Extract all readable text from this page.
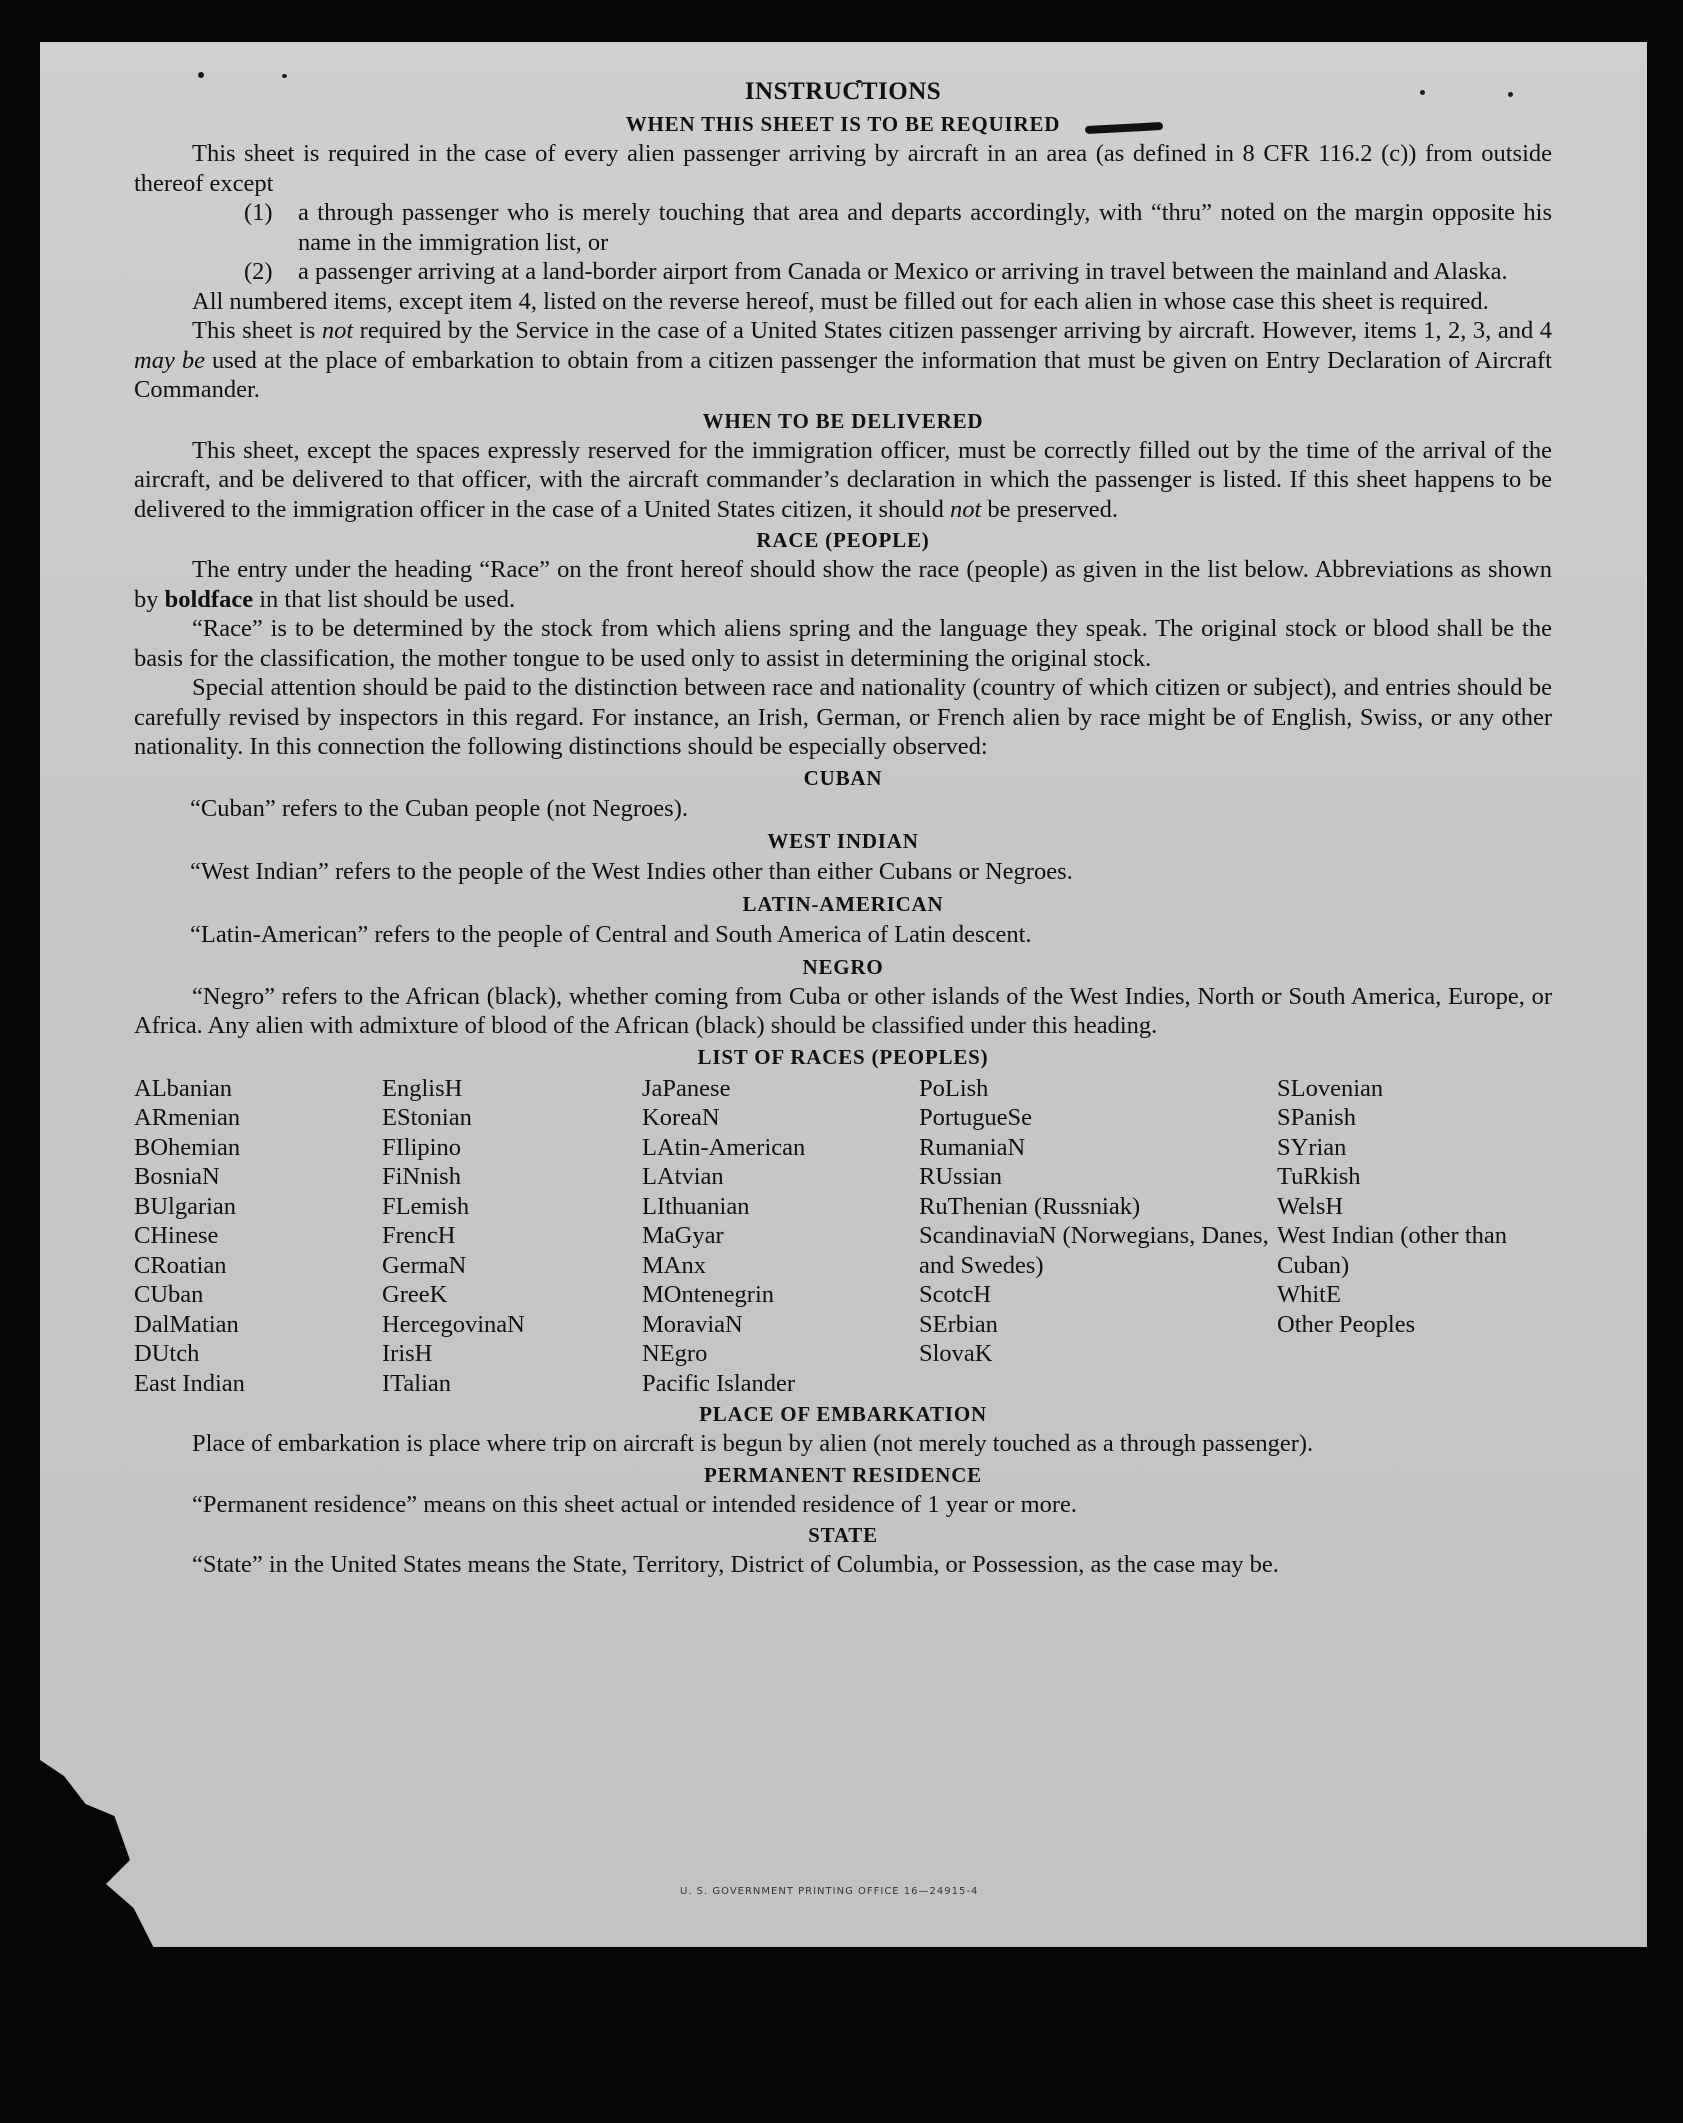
INSTRUCTIONS
WHEN THIS SHEET IS TO BE REQUIRED

This sheet is required in the case of every alien passenger arriving by aircraft in an area (as defined in 8 CFR 116.2 (c)) from outside thereof except

(1)	a through passenger who is merely touching that area and departs accordingly, with “thru” noted on the margin opposite his name in the immigration list, or
(2)	a passenger arriving at a land-border airport from Canada or Mexico or arriving in travel between the mainland and Alaska.

All numbered items, except item 4, listed on the reverse hereof, must be filled out for each alien in whose case this sheet is required.

This sheet is not required by the Service in the case of a United States citizen passenger arriving by aircraft. However, items 1, 2, 3, and 4 may be used at the place of embarkation to obtain from a citizen passenger the information that must be given on Entry Declaration of Aircraft Commander.

WHEN TO BE DELIVERED

This sheet, except the spaces expressly reserved for the immigration officer, must be correctly filled out by the time of the arrival of the aircraft, and be delivered to that officer, with the aircraft commander’s declaration in which the passenger is listed. If this sheet happens to be delivered to the immigration officer in the case of a United States citizen, it should not be preserved.

RACE (PEOPLE)

The entry under the heading “Race” on the front hereof should show the race (people) as given in the list below. Abbreviations as shown by boldface in that list should be used.

“Race” is to be determined by the stock from which aliens spring and the language they speak. The original stock or blood shall be the basis for the classification, the mother tongue to be used only to assist in determining the original stock.

Special attention should be paid to the distinction between race and nationality (country of which citizen or subject), and entries should be carefully revised by inspectors in this regard. For instance, an Irish, German, or French alien by race might be of English, Swiss, or any other nationality. In this connection the following distinctions should be especially observed:

CUBAN
“Cuban” refers to the Cuban people (not Negroes).
WEST INDIAN
“West Indian” refers to the people of the West Indies other than either Cubans or Negroes.
LATIN-AMERICAN
“Latin-American” refers to the people of Central and South America of Latin descent.
NEGRO

“Negro” refers to the African (black), whether coming from Cuba or other islands of the West Indies, North or South America, Europe, or Africa. Any alien with admixture of blood of the African (black) should be classified under this heading.

LIST OF RACES (PEOPLES)
ALbanian
ARmenian
BOhemian
BosniaN
BUlgarian
CHinese
CRoatian
CUban
DalMatian
DUtch
East Indian
EnglisH
EStonian
FIlipino
FiNnish
FLemish
FrencH
GermaN
GreeK
HercegovinaN
IrisH
ITalian
JaPanese
KoreaN
LAtin-American
LAtvian
LIthuanian
MaGyar
MAnx
MOntenegrin
MoraviaN
NEgro
Pacific Islander
PoLish
PortugueSe
RumaniaN
RUssian
RuThenian (Russniak)
ScandinaviaN (Norwegians, Danes, and Swedes)
ScotcH
SErbian
SlovaK
SLovenian
SPanish
SYrian
TuRkish
WelsH
West Indian (other than Cuban)
WhitE
Other Peoples
PLACE OF EMBARKATION

Place of embarkation is place where trip on aircraft is begun by alien (not merely touched as a through passenger).

PERMANENT RESIDENCE

“Permanent residence” means on this sheet actual or intended residence of 1 year or more.

STATE

“State” in the United States means the State, Territory, District of Columbia, or Possession, as the case may be.

U. S. GOVERNMENT PRINTING OFFICE 16—24915-4
